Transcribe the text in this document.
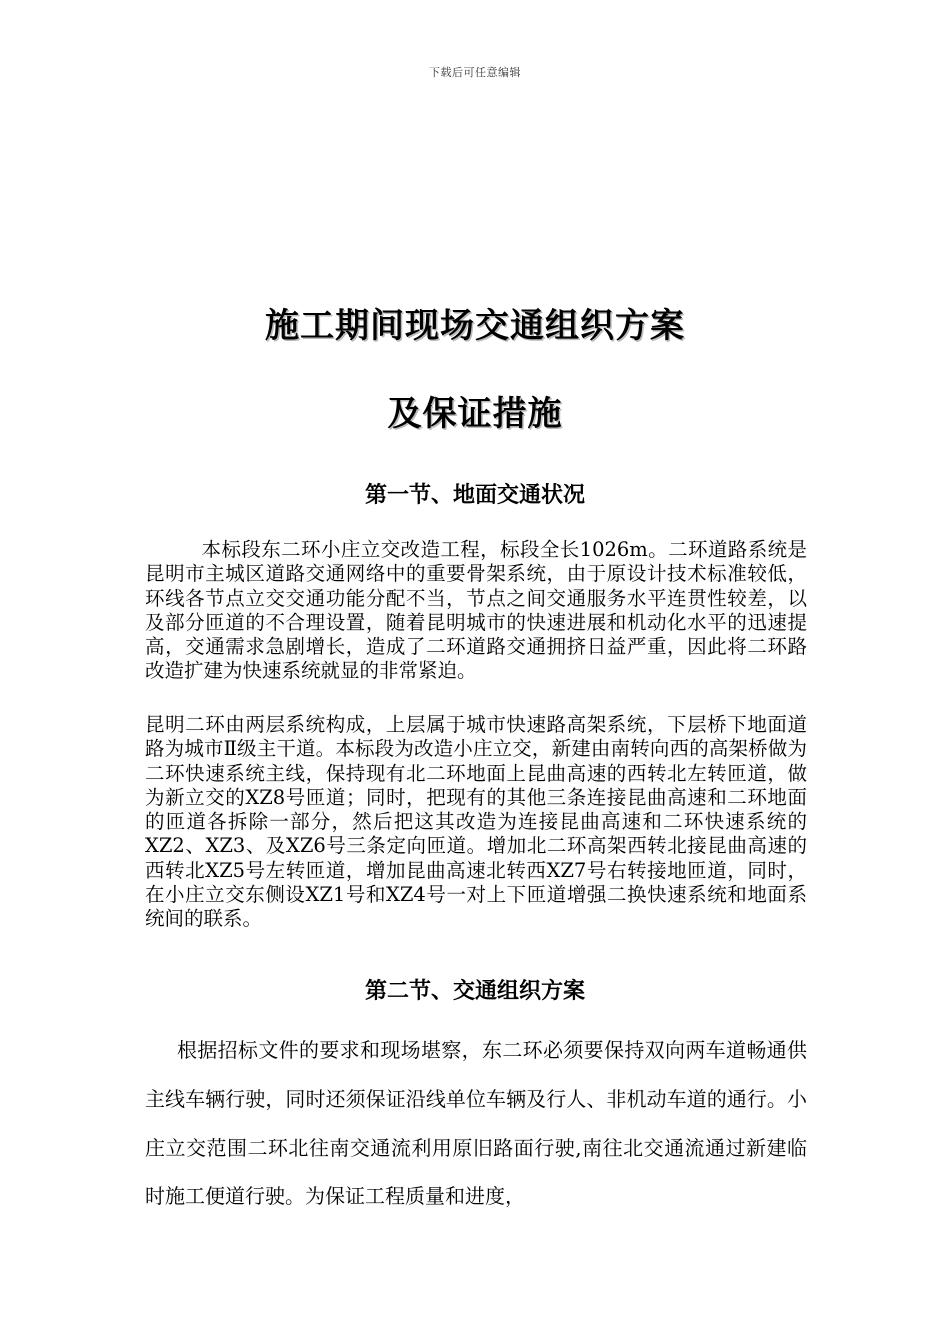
下载后可任意编辑
施工期间现场交通组织方案
及保证措施
第一节、地面交通状况

本标段东二环小庄立交改造工程，标段全长1026m。二环道路系统是昆明市主城区道路交通网络中的重要骨架系统，由于原设计技术标准较低，环线各节点立交交通功能分配不当，节点之间交通服务水平连贯性较差，以及部分匝道的不合理设置，随着昆明城市的快速进展和机动化水平的迅速提高，交通需求急剧增长，造成了二环道路交通拥挤日益严重，因此将二环路改造扩建为快速系统就显的非常紧迫。

昆明二环由两层系统构成，上层属于城市快速路高架系统，下层桥下地面道路为城市Ⅱ级主干道。本标段为改造小庄立交，新建由南转向西的高架桥做为二环快速系统主线，保持现有北二环地面上昆曲高速的西转北左转匝道，做为新立交的XZ8号匝道；同时，把现有的其他三条连接昆曲高速和二环地面的匝道各拆除一部分，然后把这其改造为连接昆曲高速和二环快速系统的XZ2、XZ3、及XZ6号三条定向匝道。增加北二环高架西转北接昆曲高速的西转北XZ5号左转匝道，增加昆曲高速北转西XZ7号右转接地匝道，同时，在小庄立交东侧设XZ1号和XZ4号一对上下匝道增强二换快速系统和地面系统间的联系。

第二节、交通组织方案

根据招标文件的要求和现场堪察，东二环必须要保持双向两车道畅通供主线车辆行驶，同时还须保证沿线单位车辆及行人、非机动车道的通行。小庄立交范围二环北往南交通流利用原旧路面行驶,南往北交通流通过新建临时施工便道行驶。为保证工程质量和进度，
